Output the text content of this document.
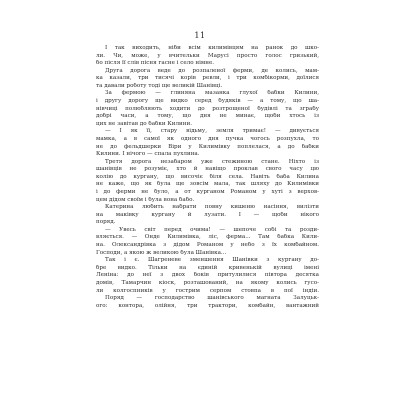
11
І так виходить, ніби всім килимівцям на ранок до шко-
ли. Чи, може, у вчительки Марусі просто голос гризький,
бо після її слів пісня гасне і село німне.
Друга дорога веде до розпаленої ферми, де колись, мам-
ка казали, три тисячі корів ревли, і три комбікорми, доїлися
та давали роботу тоді ще великій Шанівці.
За фермою — глиняна мазанка глухої бабки Килини,
і другу дорогу ще видко серед будяків — а тому, що ша-
нівчиці полюбляють ходити до розтрощеної будівлі та зграбу
добрі часи, а тому, що дня не минає, щоби хтось із
цих не завітав до бабки Килини.
— І як її, стару відьму, земля тримає! — дивується
мамка, а в самої як одного дня пучка чогось розпухла, то
не до фельдшерки Віри у Килимівку поплелася, а до бабки
Килини. І нічого — спала пухлина.
Третя дорога незабаром уже стежиною стане. Ніхто із
шанівців не розуміє, хто й навіщо проклав свого часу цю
колію до кургану, що височіє біля села. Навіть баба Килина
не каже, що як була ще зовсім мала, так шляху до Килимівки
і до ферми не було, а от курганом Романом у хуті з верхов-
цем дідом своїм і була вона бабо.
Катерина любить набрати повну кишеню насіння, вилізти
на маківку кургану й лузати. І — щоби нікого
поряд.
— Увесь світ перед очима! — шепоче собі та розди-
вляється. — Онде Килимівка, ліс, ферма... Там бабка Кили-
на. Олександрівка з дідом Романом у небо з їх комбайном.
Господи, а якою ж великою була Шанівка...
Так і є. Шагреневе зменшення Шанівки з кургану до-
бре видко. Тільки на єдиній кривенькій вулиці імені
Леніна: до неї з двох боків притулилися півтора десятка
домів, Тамарчин кіоск, розташований, на якому колись гусо-
ли колгоспників у гострим серпом стовпа в пої індіи.
Поряд — господарство шанівського магната Залуцьк-
ого: контора, олійня, три трактори, комбайн, вантажний
